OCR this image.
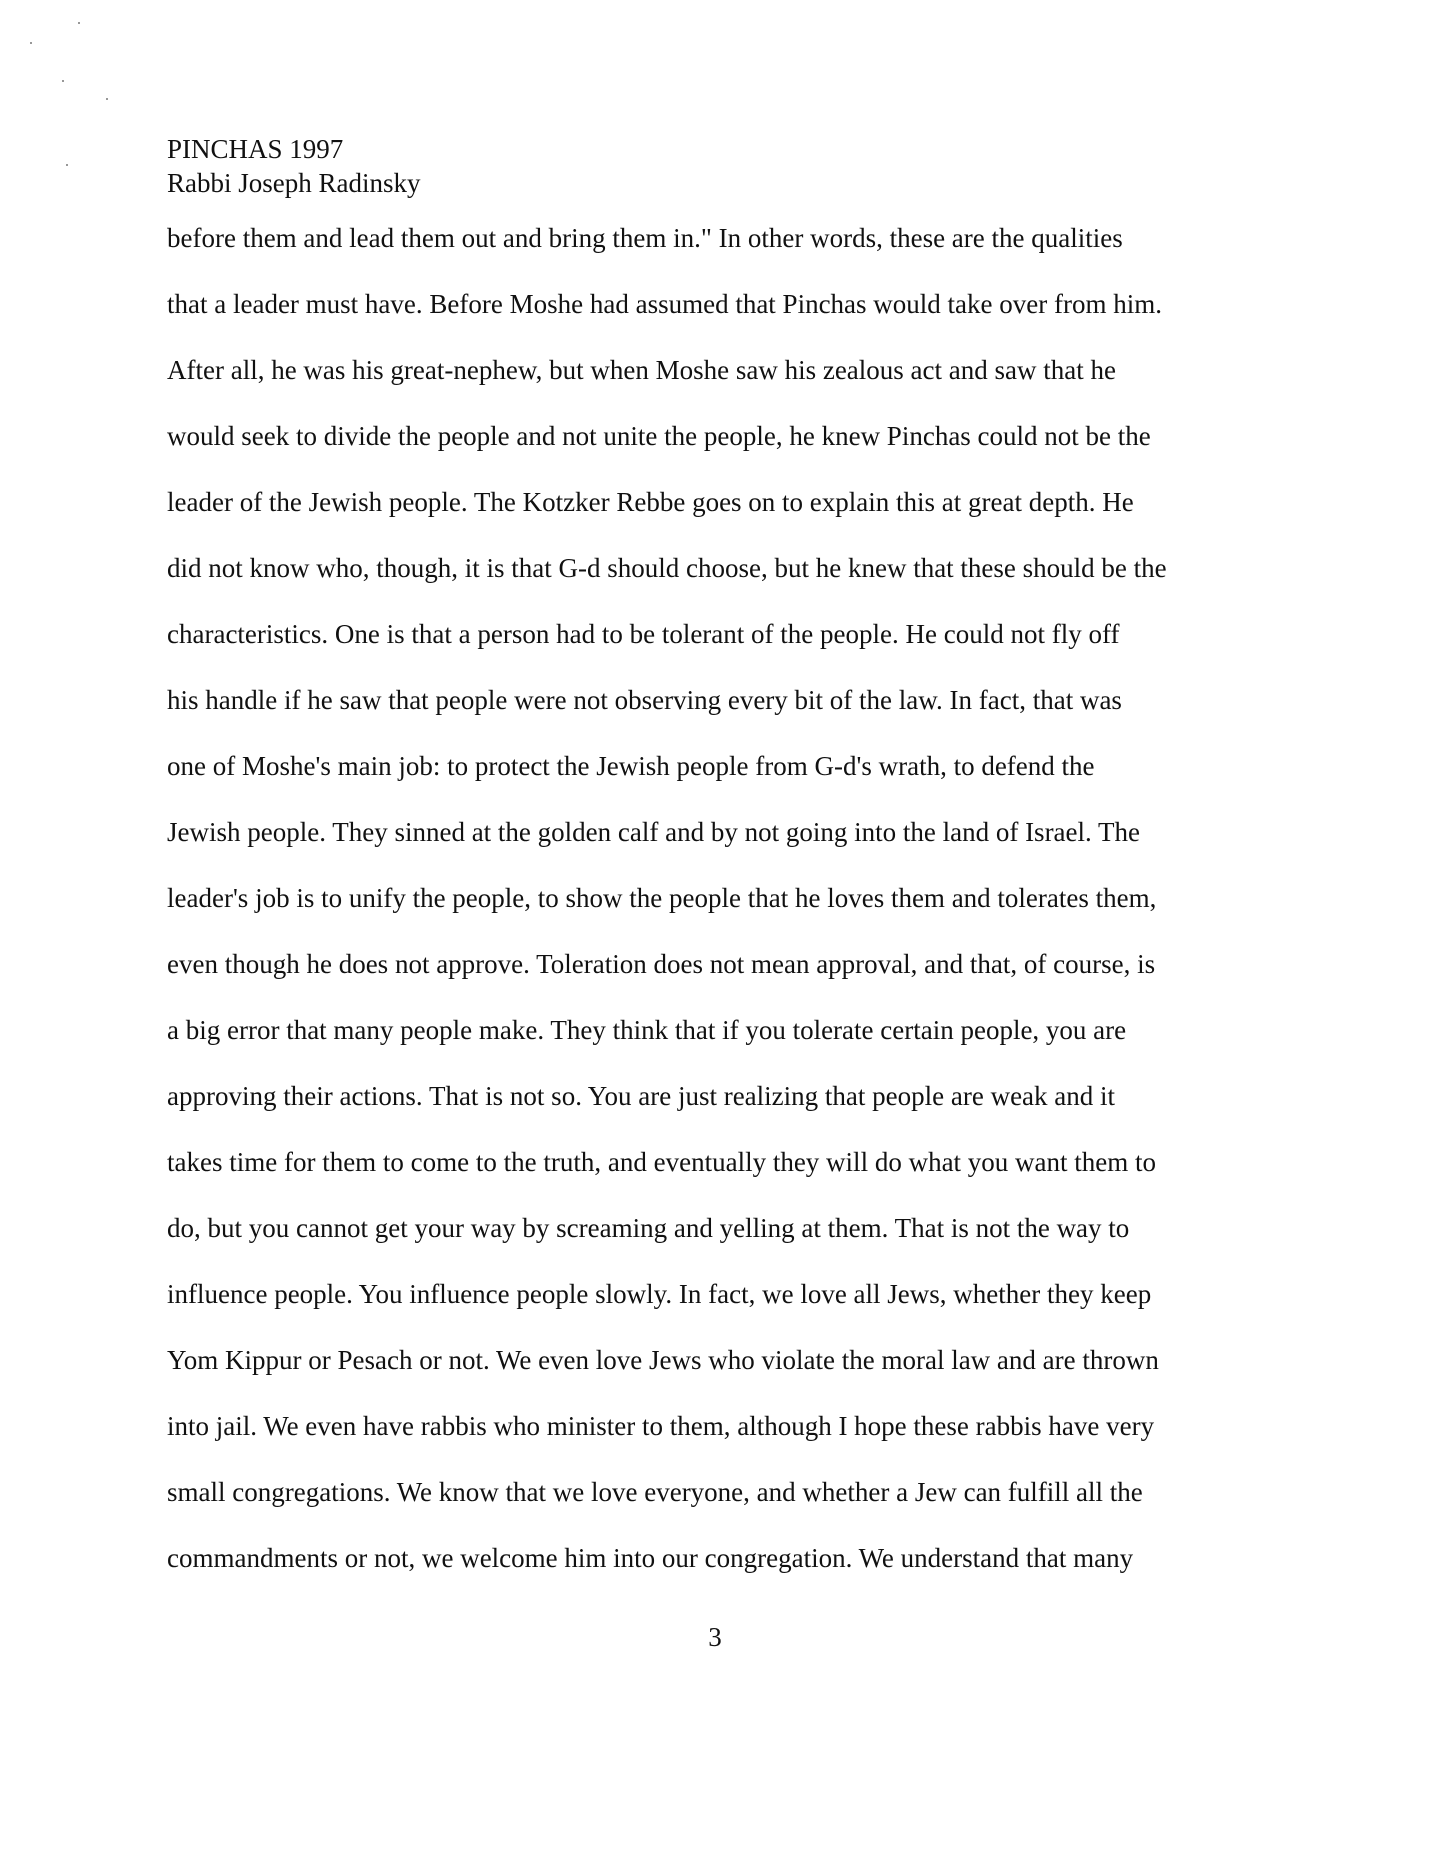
PINCHAS 1997
Rabbi Joseph Radinsky
before them and lead them out and bring them in." In other words, these are the qualities
that a leader must have. Before Moshe had assumed that Pinchas would take over from him.
After all, he was his great-nephew, but when Moshe saw his zealous act and saw that he
would seek to divide the people and not unite the people, he knew Pinchas could not be the
leader of the Jewish people. The Kotzker Rebbe goes on to explain this at great depth. He
did not know who, though, it is that G-d should choose, but he knew that these should be the
characteristics. One is that a person had to be tolerant of the people. He could not fly off
his handle if he saw that people were not observing every bit of the law. In fact, that was
one of Moshe's main job: to protect the Jewish people from G-d's wrath, to defend the
Jewish people. They sinned at the golden calf and by not going into the land of Israel. The
leader's job is to unify the people, to show the people that he loves them and tolerates them,
even though he does not approve. Toleration does not mean approval, and that, of course, is
a big error that many people make. They think that if you tolerate certain people, you are
approving their actions. That is not so. You are just realizing that people are weak and it
takes time for them to come to the truth, and eventually they will do what you want them to
do, but you cannot get your way by screaming and yelling at them. That is not the way to
influence people. You influence people slowly. In fact, we love all Jews, whether they keep
Yom Kippur or Pesach or not. We even love Jews who violate the moral law and are thrown
into jail. We even have rabbis who minister to them, although I hope these rabbis have very
small congregations. We know that we love everyone, and whether a Jew can fulfill all the
commandments or not, we welcome him into our congregation. We understand that many
3
